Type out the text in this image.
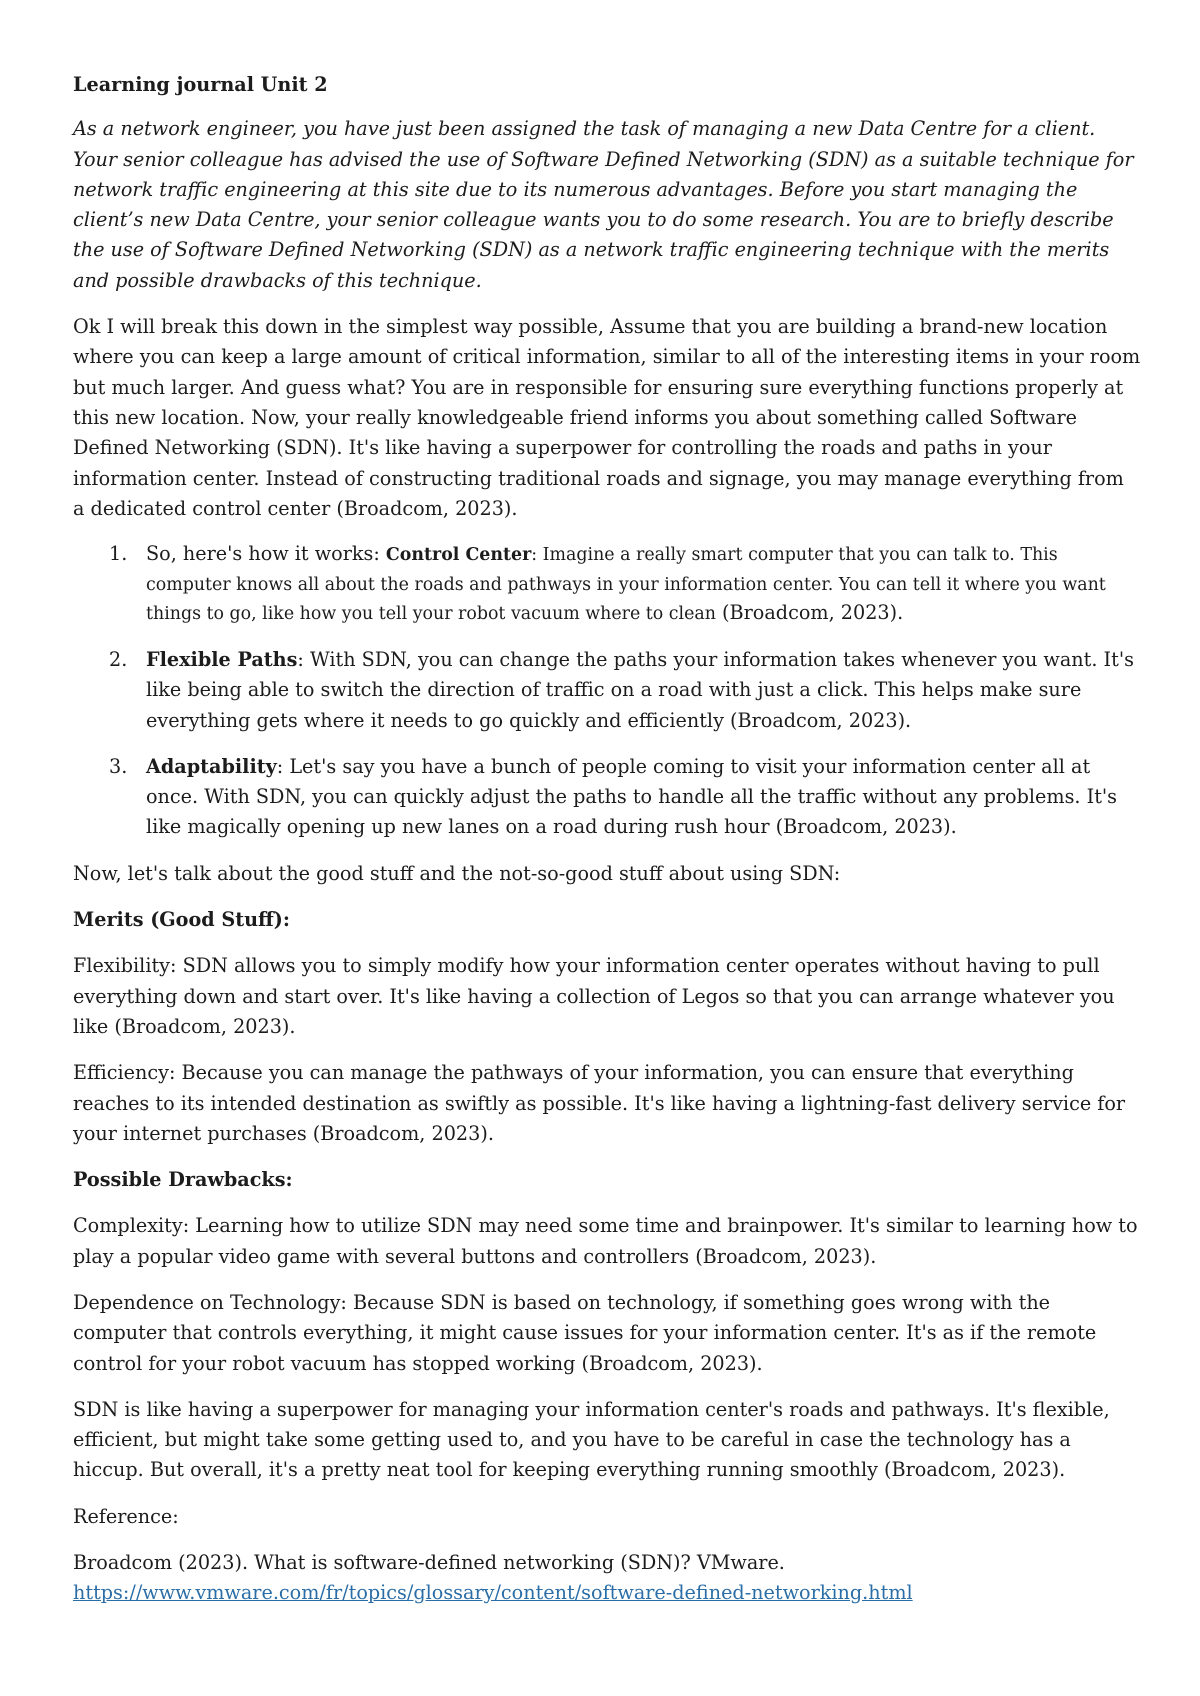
Learning journal Unit 2

As a network engineer, you have just been assigned the task of managing a new Data Centre for a client. Your senior colleague has advised the use of Software Defined Networking (SDN) as a suitable technique for network traffic engineering at this site due to its numerous advantages. Before you start managing the client’s new Data Centre, your senior colleague wants you to do some research. You are to briefly describe the use of Software Defined Networking (SDN) as a network traffic engineering technique with the merits and possible drawbacks of this technique.

Ok I will break this down in the simplest way possible, Assume that you are building a brand-new location where you can keep a large amount of critical information, similar to all of the interesting items in your room but much larger. And guess what? You are in responsible for ensuring sure everything functions properly at this new location. Now, your really knowledgeable friend informs you about something called Software Defined Networking (SDN). It's like having a superpower for controlling the roads and paths in your information center. Instead of constructing traditional roads and signage, you may manage everything from a dedicated control center (Broadcom, 2023).

1. So, here's how it works: Control Center: Imagine a really smart computer that you can talk to. This computer knows all about the roads and pathways in your information center. You can tell it where you want things to go, like how you tell your robot vacuum where to clean (Broadcom, 2023).
2. Flexible Paths: With SDN, you can change the paths your information takes whenever you want. It's like being able to switch the direction of traffic on a road with just a click. This helps make sure everything gets where it needs to go quickly and efficiently (Broadcom, 2023).
3. Adaptability: Let's say you have a bunch of people coming to visit your information center all at once. With SDN, you can quickly adjust the paths to handle all the traffic without any problems. It's like magically opening up new lanes on a road during rush hour (Broadcom, 2023).

Now, let's talk about the good stuff and the not-so-good stuff about using SDN:

Merits (Good Stuff):

Flexibility: SDN allows you to simply modify how your information center operates without having to pull everything down and start over. It's like having a collection of Legos so that you can arrange whatever you like (Broadcom, 2023).

Efficiency: Because you can manage the pathways of your information, you can ensure that everything reaches to its intended destination as swiftly as possible. It's like having a lightning-fast delivery service for your internet purchases (Broadcom, 2023).

Possible Drawbacks:

Complexity: Learning how to utilize SDN may need some time and brainpower. It's similar to learning how to play a popular video game with several buttons and controllers (Broadcom, 2023).

Dependence on Technology: Because SDN is based on technology, if something goes wrong with the computer that controls everything, it might cause issues for your information center. It's as if the remote control for your robot vacuum has stopped working (Broadcom, 2023).

SDN is like having a superpower for managing your information center's roads and pathways. It's flexible, efficient, but might take some getting used to, and you have to be careful in case the technology has a hiccup. But overall, it's a pretty neat tool for keeping everything running smoothly (Broadcom, 2023).

Reference:

Broadcom (2023). What is software-defined networking (SDN)? VMware.
https://www.vmware.com/fr/topics/glossary/content/software-defined-networking.html
